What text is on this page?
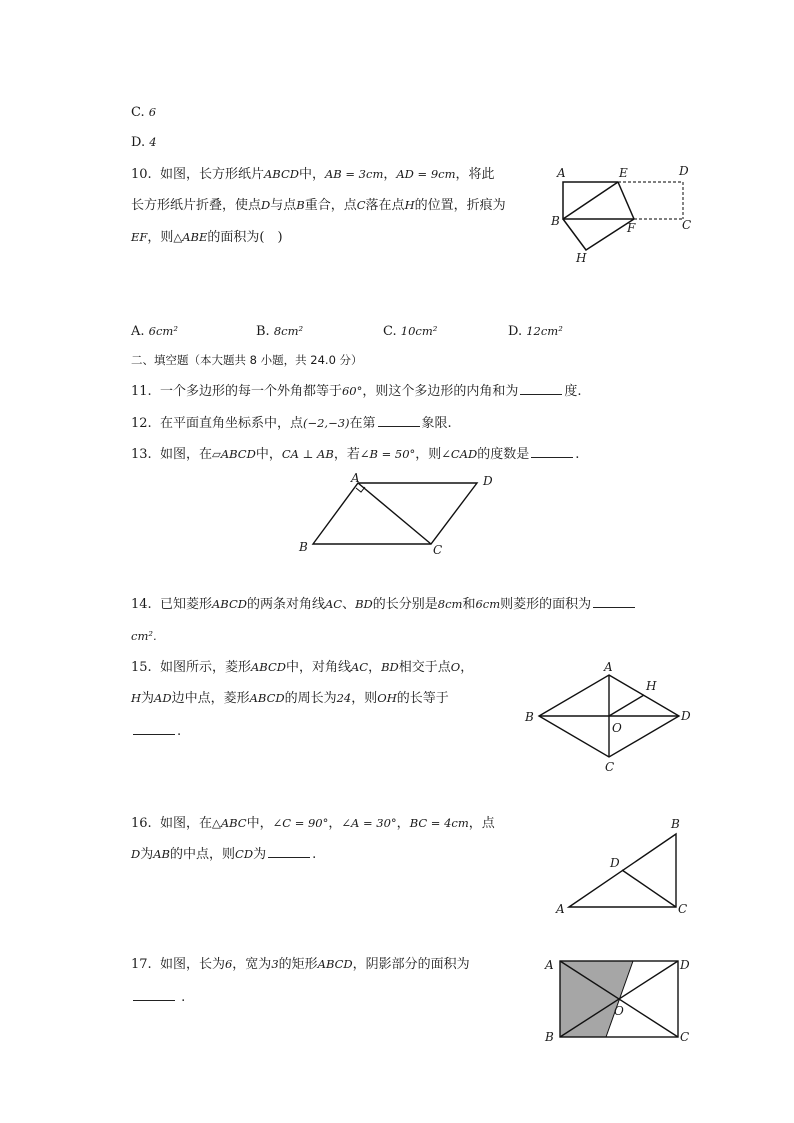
C. 6
D. 4
10. 如图，长方形纸片ABCD中，AB = 3cm，AD = 9cm，将此
长方形纸片折叠，使点D与点B重合，点C落在点H的位置，折痕为
EF，则△ABE的面积为(　)
A	E	D
B	F	C
H
A. 6cm²	B. 8cm²	C. 10cm²	D. 12cm²
二、填空题（本大题共 8 小题，共 24.0 分）
11. 一个多边形的每一个外角都等于60°，则这个多边形的内角和为	度.
12. 在平面直角坐标系中，点(−2,−3)在第	象限.
13. 如图，在▱ABCD中，CA ⊥ AB，若∠B = 50°，则∠CAD的度数是	.
A	D
B	C
14. 已知菱形ABCD的两条对角线AC、BD的长分别是8cm和6cm则菱形的面积为
cm².
15. 如图所示，菱形ABCD中，对角线AC，BD相交于点O，
H为AD边中点，菱形ABCD的周长为24，则OH的长等于
.
A
H
B	D
O
C
16. 如图，在△ABC中，∠C = 90°，∠A = 30°，BC = 4cm，点
D为AB的中点，则CD为	.
B
D
A	C
17. 如图，长为6，宽为3的矩形ABCD，阴影部分的面积为
.
A	D
O
B	C
